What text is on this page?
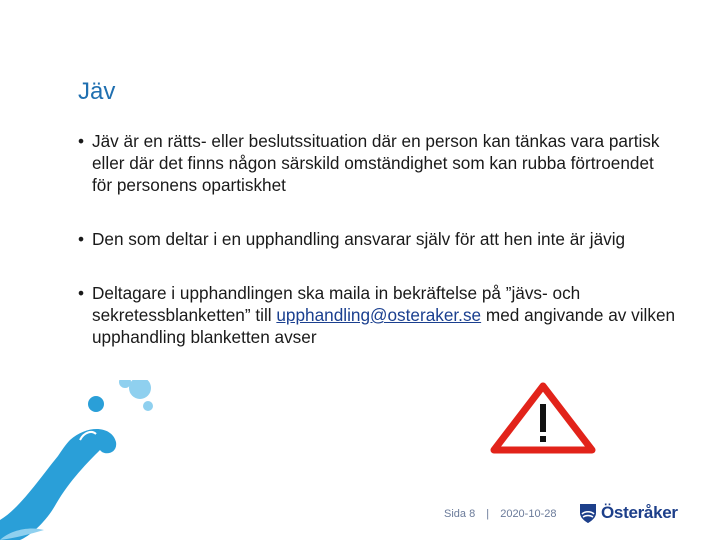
Jäv
• Jäv är en rätts- eller beslutssituation där en person kan tänkas vara partisk eller där det finns någon särskild omständighet som kan rubba förtroendet för personens opartiskhet
• Den som deltar i en upphandling ansvarar själv för att hen inte är jävig
• Deltagare i upphandlingen ska maila in bekräftelse på ”jävs- och sekretessblanketten” till upphandling@osteraker.se med angivande av vilken upphandling blanketten avser
Sida 8 | 2020-10-28	Österåker
